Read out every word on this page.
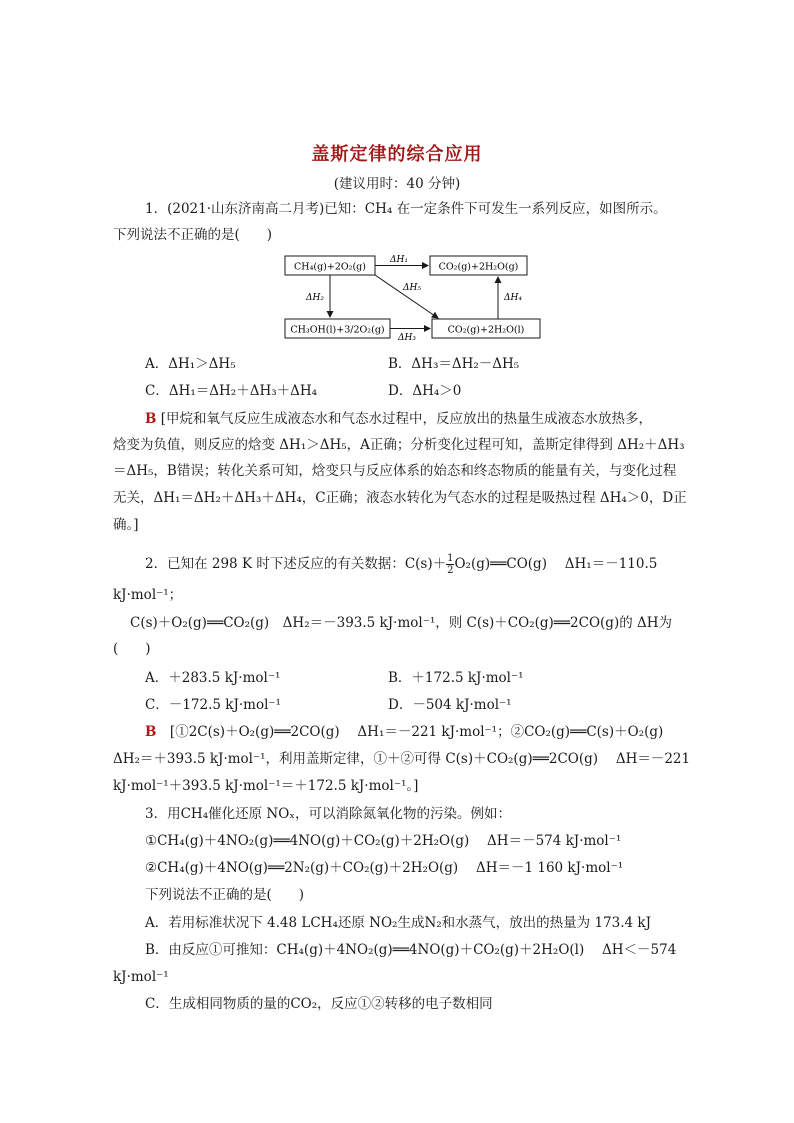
盖斯定律的综合应用
(建议用时：40 分钟)
1．(2021·山东济南高二月考)已知：CH₄ 在一定条件下可发生一系列反应，如图所示。
下列说法不正确的是(　　)
CH₄(g)+2O₂(g)	CO₂(g)+2H₂O(g)
CH₃OH(l)+3/2O₂(g)	CO₂(g)+2H₂O(l)
ΔH₁
ΔH₂
ΔH₃
ΔH₄
ΔH₅
A．ΔH₁＞ΔH₅	B．ΔH₃＝ΔH₂－ΔH₅
C．ΔH₁＝ΔH₂＋ΔH₃＋ΔH₄	D．ΔH₄＞0
B [甲烷和氧气反应生成液态水和气态水过程中，反应放出的热量生成液态水放热多，
焓变为负值，则反应的焓变 ΔH₁＞ΔH₅，A正确；分析变化过程可知，盖斯定律得到 ΔH₂＋ΔH₃
＝ΔH₅，B错误；转化关系可知，焓变只与反应体系的始态和终态物质的能量有关，与变化过程
无关，ΔH₁＝ΔH₂＋ΔH₃＋ΔH₄，C正确；液态水转化为气态水的过程是吸热过程 ΔH₄＞0，D正
确。]
2．已知在 298 K 时下述反应的有关数据：$C(s)+ \frac{1}{2}$ O₂(g)══CO(g)　 ΔH₁＝－110.5
kJ·mol⁻¹；
C(s)＋O₂(g)══CO₂(g)　ΔH₂＝－393.5 kJ·mol⁻¹，则 C(s)＋CO₂(g)══2CO(g)的 ΔH为
(　　)
A．＋283.5 kJ·mol⁻¹	B．＋172.5 kJ·mol⁻¹
C．－172.5 kJ·mol⁻¹	D．－504 kJ·mol⁻¹
B　[①2C(s)＋O₂(g)══2CO(g)　 ΔH₁＝－221 kJ·mol⁻¹；②CO₂(g)══C(s)＋O₂(g)
ΔH₂＝＋393.5 kJ·mol⁻¹，利用盖斯定律，①＋②可得 C(s)＋CO₂(g)══2CO(g)　 ΔH＝－221
kJ·mol⁻¹＋393.5 kJ·mol⁻¹＝＋172.5 kJ·mol⁻¹。]
3．用CH₄催化还原 NOₓ，可以消除氮氧化物的污染。例如：
①CH₄(g)＋4NO₂(g)══4NO(g)＋CO₂(g)＋2H₂O(g)　 ΔH＝－574 kJ·mol⁻¹
②CH₄(g)＋4NO(g)══2N₂(g)＋CO₂(g)＋2H₂O(g)　 ΔH＝－1 160 kJ·mol⁻¹
下列说法不正确的是(　　)
A．若用标准状况下 4.48 LCH₄还原 NO₂生成N₂和水蒸气，放出的热量为 173.4 kJ
B．由反应①可推知：CH₄(g)＋4NO₂(g)══4NO(g)＋CO₂(g)＋2H₂O(l)　 ΔH＜－574
kJ·mol⁻¹
C．生成相同物质的量的CO₂，反应①②转移的电子数相同
